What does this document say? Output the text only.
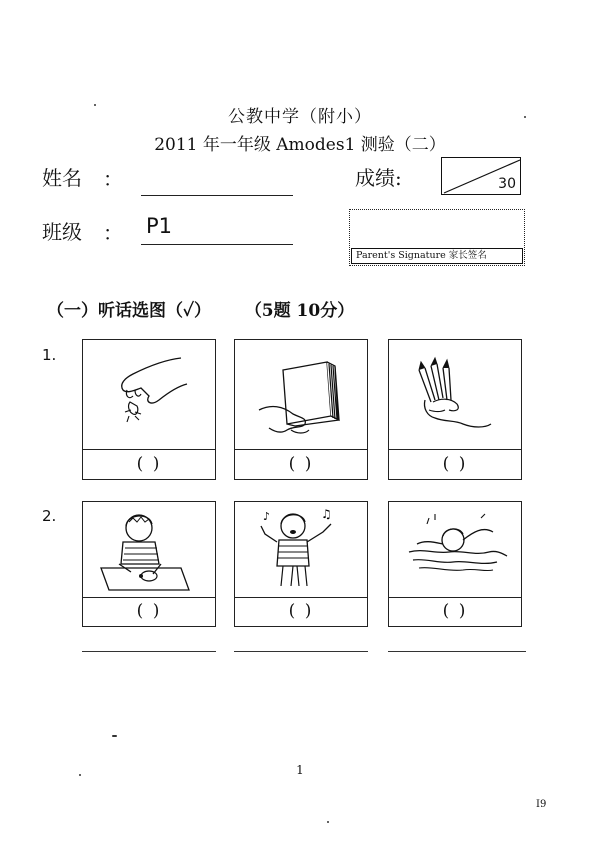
公教中学（附小）
2011 年一年级 Amodes1 测验（二）
姓名 ：	成绩:	30
班级 ： P1
Parent's Signature 家长签名
（一）听话选图（✓） （5题 10分）
1.
( )	( )	( )
2.
( )
♪	♫
( )	( )
1
I9
